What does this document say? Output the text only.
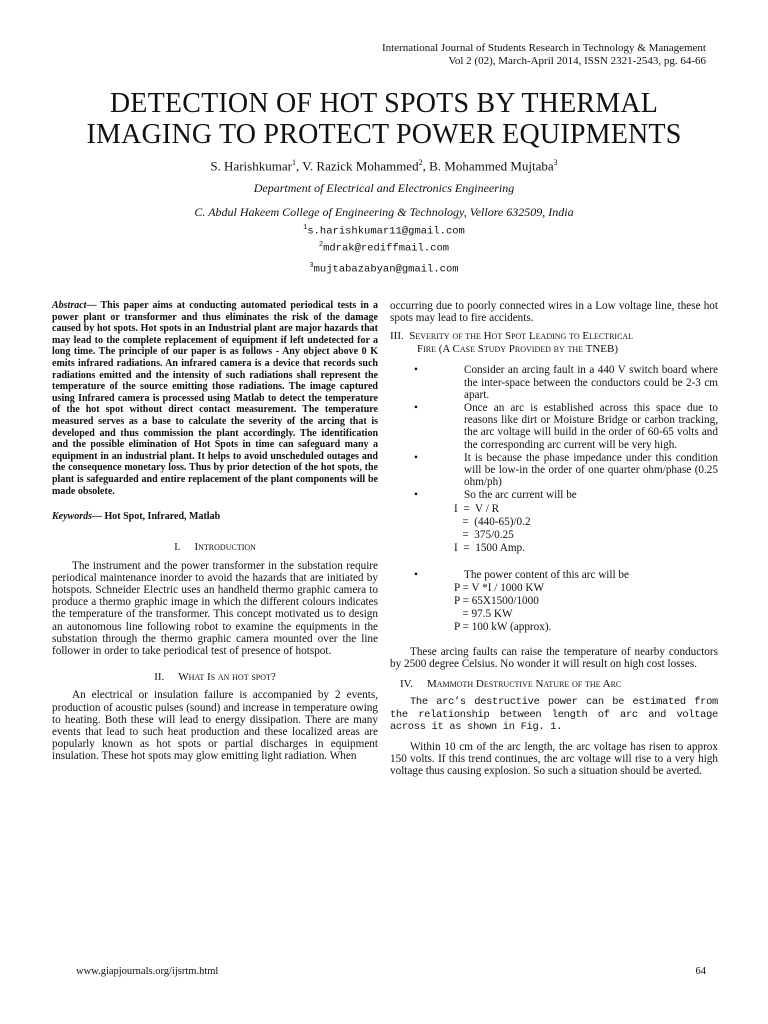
International Journal of Students Research in Technology & Management
Vol 2 (02), March-April 2014, ISSN 2321-2543, pg. 64-66
DETECTION OF HOT SPOTS BY THERMAL
IMAGING TO PROTECT POWER EQUIPMENTS
S. Harishkumar$^1$, V. Razick Mohammed$^2$, B. Mohammed Mujtaba$^3$
Department of Electrical and Electronics Engineering
C. Abdul Hakeem College of Engineering & Technology, Vellore 632509, India
$^1$s.harishkumar11@gmail.com
$^2$mdrak@rediffmail.com
$^3$mujtabazabyan@gmail.com

Abstract— This paper aims at conducting automated periodical tests in a power plant or transformer and thus eliminates the risk of the damage caused by hot spots. Hot spots in an Industrial plant are major hazards that may lead to the complete replacement of equipment if left undetected for a long time. The principle of our paper is as follows - Any object above 0 K emits infrared radiations. An infrared camera is a device that records such radiations emitted and the intensity of such radiations shall represent the temperature of the source emitting those radiations. The image captured using Infrared camera is processed using Matlab to detect the temperature of the hot spot without direct contact measurement. The temperature measured serves as a base to calculate the severity of the arcing that is developed and thus commission the plant accordingly. The identification and the possible elimination of Hot Spots in time can safeguard many a equipment in an industrial plant. It helps to avoid unscheduled outages and the consequence monetary loss. Thus by prior detection of the hot spots, the plant is safeguarded and entire replacement of the plant components will be made obsolete.

Keywords— Hot Spot, Infrared, Matlab

I. Introduction

The instrument and the power transformer in the substation require periodical maintenance inorder to avoid the hazards that are initiated by hotspots. Schneider Electric uses an handheld thermo graphic camera to produce a thermo graphic image in which the different colours indicates the temperature of the transformer. This concept motivated us to design an autonomous line following robot to examine the equipments in the substation through the thermo graphic camera mounted over the line follower in order to take periodical test of presence of hotspot.

II. What Is an hot spot?

An electrical or insulation failure is accompanied by 2 events, production of acoustic pulses (sound) and increase in temperature owing to heating. Both these will lead to energy dissipation. There are many events that lead to such heat production and these localized areas are popularly known as hot spots or partial discharges in equipment insulation. These hot spots may glow emitting light radiation. When

occurring due to poorly connected wires in a Low voltage line, these hot spots may lead to fire accidents.

III. Severity of the Hot Spot Leading to Electrical
Fire (A Case Study Provided by the TNEB)
• Consider an arcing fault in a 440 V switch board where the inter-space between the conductors could be 2-3 cm apart.
• Once an arc is established across this space due to reasons like dirt or Moisture Bridge or carbon tracking, the arc voltage will build in the order of 60-65 volts and the corresponding arc current will be very high.
• It is because the phase impedance under this condition will be low-in the order of one quarter ohm/phase (0.25 ohm/ph)
• So the arc current will be
I  =  V / R
=  (440-65)/0.2
=  375/0.25
I  =  1500 Amp.
• The power content of this arc will be
P = V *I / 1000 KW
P = 65X1500/1000
= 97.5 KW
P = 100 kW (approx).

These arcing faults can raise the temperature of nearby conductors by 2500 degree Celsius. No wonder it will result on high cost losses.

IV. Mammoth Destructive Nature of the Arc

The arc’s destructive power can be estimated from the relationship between length of arc and voltage across it as shown in Fig. 1.

Within 10 cm of the arc length, the arc voltage has risen to approx 150 volts. If this trend continues, the arc voltage will rise to a very high voltage thus causing explosion. So such a situation should be averted.

www.giapjournals.org/ijsrtm.html	64
